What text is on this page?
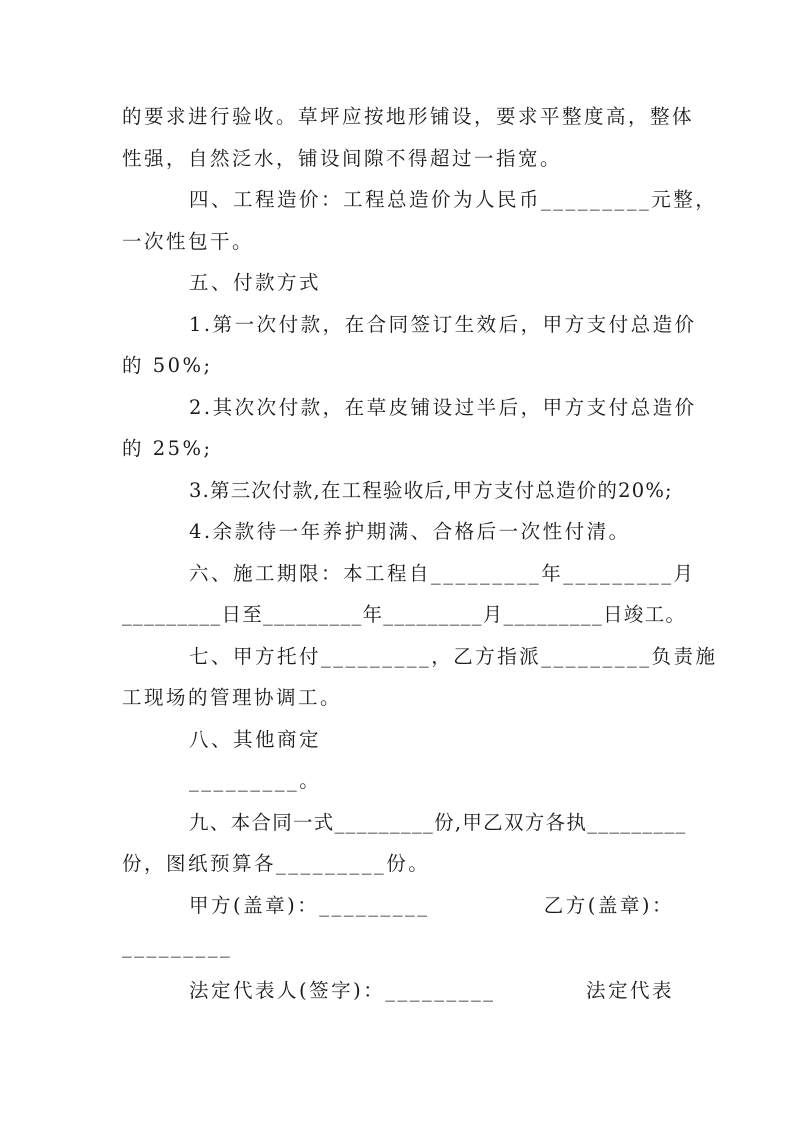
的要求进行验收。草坪应按地形铺设，要求平整度高，整体
性强，自然泛水，铺设间隙不得超过一指宽。
四、工程造价：工程总造价为人民币_________元整，
一次性包干。
五、付款方式
1.第一次付款，在合同签订生效后，甲方支付总造价
的 50%;
2.其次次付款，在草皮铺设过半后，甲方支付总造价
的 25%;
3.第三次付款,在工程验收后,甲方支付总造价的20%;
4.余款待一年养护期满、合格后一次性付清。
六、施工期限：本工程自_________年_________月
_________日至_________年_________月_________日竣工。
七、甲方托付_________，乙方指派_________负责施
工现场的管理协调工。
八、其他商定
_________。
九、本合同一式_________份,甲乙双方各执_________
份，图纸预算各_________份。
甲方(盖章)：_________	乙方(盖章)：
_________
法定代表人(签字)：_________	法定代表
